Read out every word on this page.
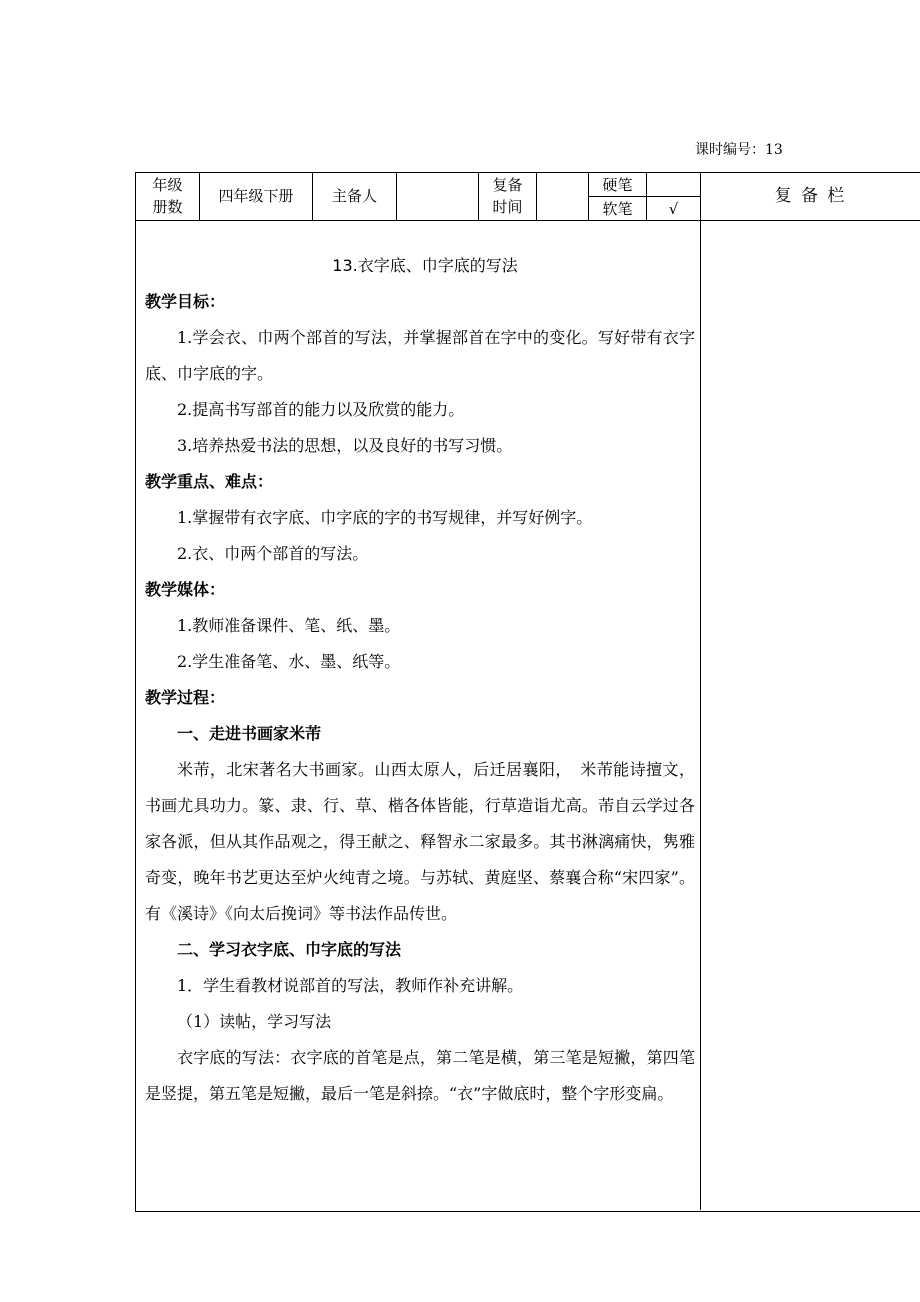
课时编号：13
年级
册数
四年级下册	主备人
复备
时间
硬笔
软笔	√
复 备 栏
13.衣字底、巾字底的写法
教学目标：
1.学会衣、巾两个部首的写法，并掌握部首在字中的变化。写好带有衣字底、巾字底的字。
2.提高书写部首的能力以及欣赏的能力。
3.培养热爱书法的思想，以及良好的书写习惯。
教学重点、难点：
1.掌握带有衣字底、巾字底的字的书写规律，并写好例字。
2.衣、巾两个部首的写法。
教学媒体：
1.教师准备课件、笔、纸、墨。
2.学生准备笔、水、墨、纸等。
教学过程：
一、走进书画家米芾
米芾，北宋著名大书画家。山西太原人，后迁居襄阳，　米芾能诗擅文，书画尤具功力。篆、隶、行、草、楷各体皆能，行草造诣尤高。芾自云学过各家各派，但从其作品观之，得王献之、释智永二家最多。其书淋漓痛快，隽雅奇变，晚年书艺更达至炉火纯青之境。与苏轼、黄庭坚、蔡襄合称“宋四家”。有《溪诗》《向太后挽词》等书法作品传世。
二、学习衣字底、巾字底的写法
1．学生看教材说部首的写法，教师作补充讲解。
（1）读帖，学习写法
衣字底的写法：衣字底的首笔是点，第二笔是横，第三笔是短撇，第四笔是竖提，第五笔是短撇，最后一笔是斜捺。“衣”字做底时，整个字形变扁。
